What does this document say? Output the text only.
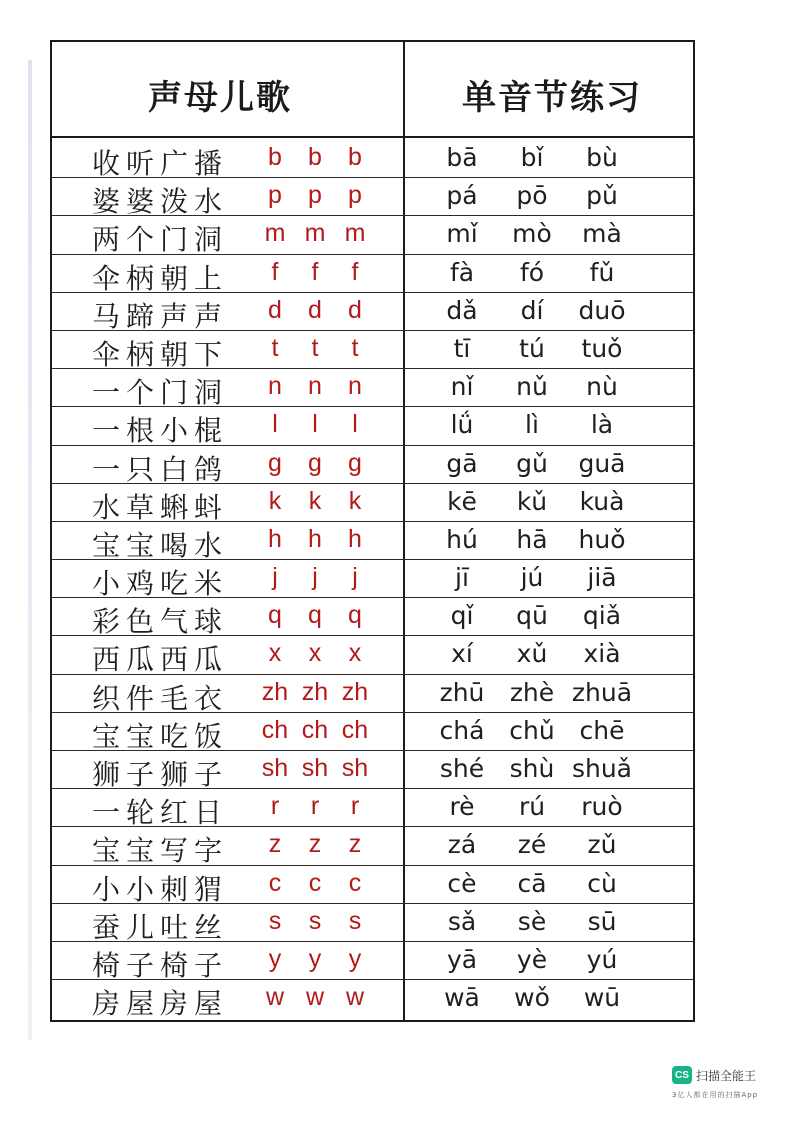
声母儿歌	单音节练习
收听广播	b	b	b	bā	bǐ	bù
婆婆泼水	p	p	p	pá	pō	pǔ
两个门洞	m m m	mǐ	mò	mà
伞柄朝上	f	f	f	fà	fó	fǔ
马蹄声声	d	d	d	dǎ	dí	duō
伞柄朝下	t	t	t	tī	tú	tuǒ
一个门洞	n	n	n	nǐ	nǔ	nù
一根小棍	l	l	l	lǘ	lì	là
一只白鸽	g	g	g	gā	gǔ	guā
水草蝌蚪	k	k	k	kē	kǔ	kuà
宝宝喝水	h	h	h	hú	hā	huǒ
小鸡吃米	j	j	j	jī	jú	jiā
彩色气球	q	q	q	qǐ	qū	qiǎ
西瓜西瓜	x	x	x	xí	xǔ	xià
织件毛衣 zh zh zh	zhū	zhè zhuā
宝宝吃饭 ch ch ch	chá chǔ chē
狮子狮子 sh sh sh	shé	shù shuǎ
一轮红日	r	r	r	rè	rú	ruò
宝宝写字	z	z	z	zá	zé	zǔ
小小刺猬	c	c	c	cè	cā	cù
蚕儿吐丝	s	s	s	sǎ	sè	sū
椅子椅子	y	y	y	yā	yè	yú
房屋房屋	w w w	wā	wǒ	wū
CS 扫描全能王
3亿人都在用的扫描App
